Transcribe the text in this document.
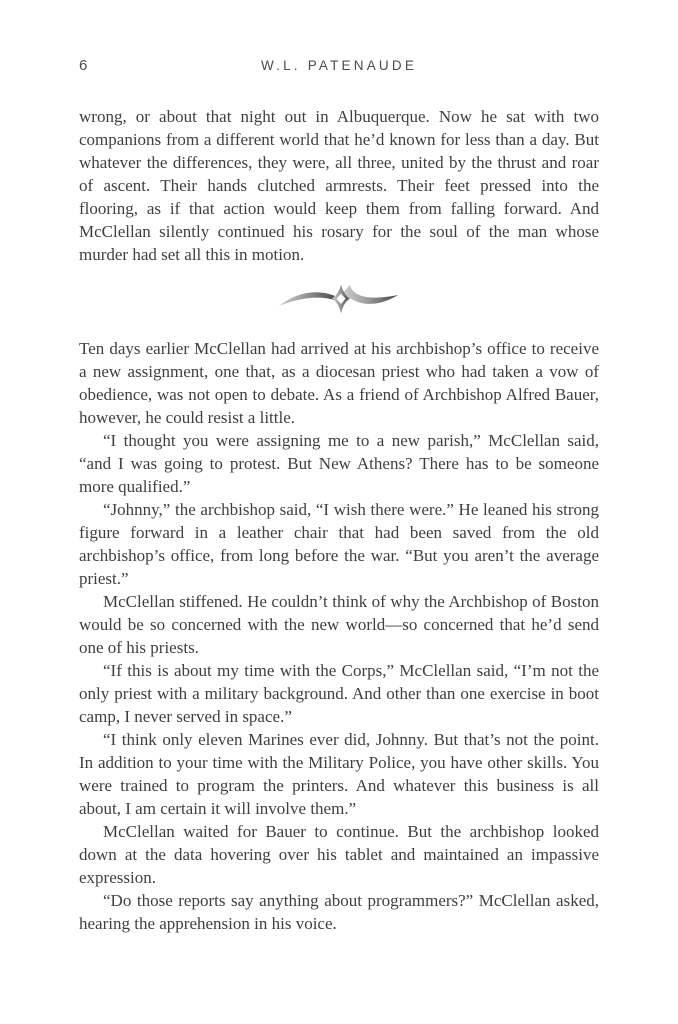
6	W.L. PATENAUDE

wrong, or about that night out in Albuquerque. Now he sat with two companions from a different world that he’d known for less than a day. But whatever the differences, they were, all three, united by the thrust and roar of ascent. Their hands clutched armrests. Their feet pressed into the flooring, as if that action would keep them from falling forward. And McClellan silently continued his rosary for the soul of the man whose murder had set all this in motion.

Ten days earlier McClellan had arrived at his archbishop’s office to receive a new assignment, one that, as a diocesan priest who had taken a vow of obedience, was not open to debate. As a friend of Archbishop Alfred Bauer, however, he could resist a little.

“I thought you were assigning me to a new parish,” McClellan said, “and I was going to protest. But New Athens? There has to be someone more qualified.”

“Johnny,” the archbishop said, “I wish there were.” He leaned his strong figure forward in a leather chair that had been saved from the old archbishop’s office, from long before the war. “But you aren’t the average priest.”

McClellan stiffened. He couldn’t think of why the Archbishop of Boston would be so concerned with the new world—so concerned that he’d send one of his priests.

“If this is about my time with the Corps,” McClellan said, “I’m not the only priest with a military background. And other than one exercise in boot camp, I never served in space.”

“I think only eleven Marines ever did, Johnny. But that’s not the point. In addition to your time with the Military Police, you have other skills. You were trained to program the printers. And whatever this business is all about, I am certain it will involve them.”

McClellan waited for Bauer to continue. But the archbishop looked down at the data hovering over his tablet and maintained an impassive expression.

“Do those reports say anything about programmers?” McClellan asked, hearing the apprehension in his voice.
